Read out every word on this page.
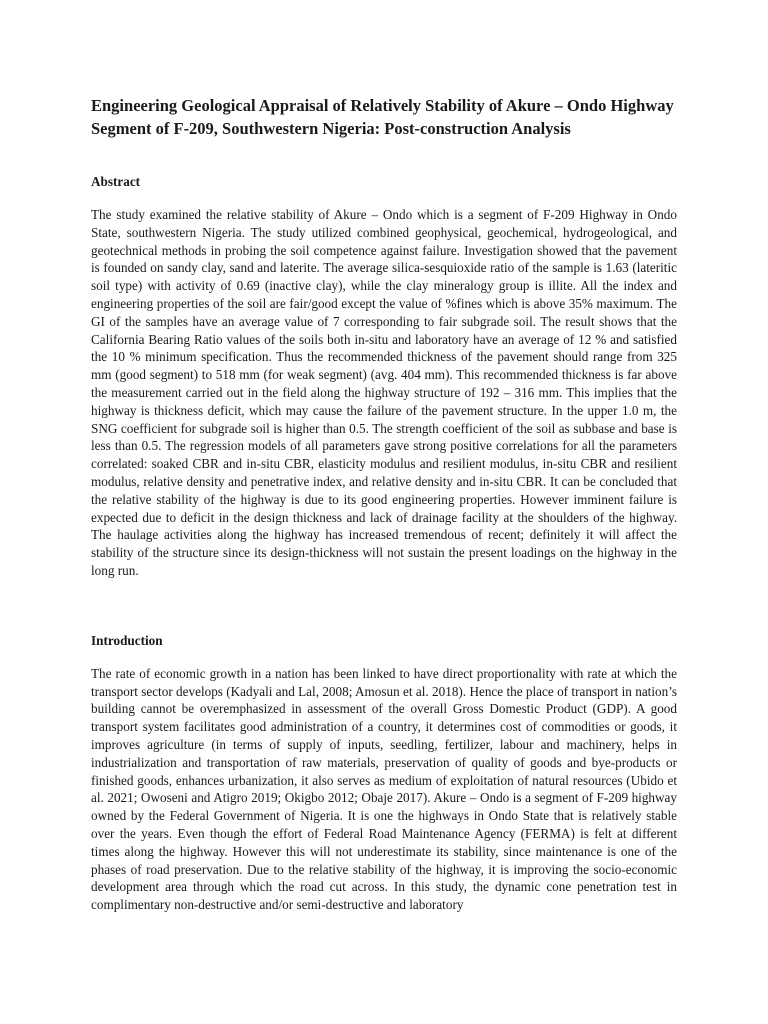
Engineering Geological Appraisal of Relatively Stability of Akure – Ondo Highway Segment of F-209, Southwestern Nigeria: Post-construction Analysis
Abstract

The study examined the relative stability of Akure – Ondo which is a segment of F-209 Highway in Ondo State, southwestern Nigeria. The study utilized combined geophysical, geochemical, hydrogeological, and geotechnical methods in probing the soil competence against failure. Investigation showed that the pavement is founded on sandy clay, sand and laterite. The average silica-sesquioxide ratio of the sample is 1.63 (lateritic soil type) with activity of 0.69 (inactive clay), while the clay mineralogy group is illite. All the index and engineering properties of the soil are fair/good except the value of %fines which is above 35% maximum. The GI of the samples have an average value of 7 corresponding to fair subgrade soil. The result shows that the California Bearing Ratio values of the soils both in-situ and laboratory have an average of 12 % and satisfied the 10 % minimum specification. Thus the recommended thickness of the pavement should range from 325 mm (good segment) to 518 mm (for weak segment) (avg. 404 mm). This recommended thickness is far above the measurement carried out in the field along the highway structure of 192 – 316 mm. This implies that the highway is thickness deficit, which may cause the failure of the pavement structure. In the upper 1.0 m, the SNG coefficient for subgrade soil is higher than 0.5. The strength coefficient of the soil as subbase and base is less than 0.5. The regression models of all parameters gave strong positive correlations for all the parameters correlated: soaked CBR and in-situ CBR, elasticity modulus and resilient modulus, in-situ CBR and resilient modulus, relative density and penetrative index, and relative density and in-situ CBR. It can be concluded that the relative stability of the highway is due to its good engineering properties. However imminent failure is expected due to deficit in the design thickness and lack of drainage facility at the shoulders of the highway. The haulage activities along the highway has increased tremendous of recent; definitely it will affect the stability of the structure since its design-thickness will not sustain the present loadings on the highway in the long run.

Introduction

The rate of economic growth in a nation has been linked to have direct proportionality with rate at which the transport sector develops (Kadyali and Lal, 2008; Amosun et al. 2018). Hence the place of transport in nation’s building cannot be overemphasized in assessment of the overall Gross Domestic Product (GDP). A good transport system facilitates good administration of a country, it determines cost of commodities or goods, it improves agriculture (in terms of supply of inputs, seedling, fertilizer, labour and machinery, helps in industrialization and transportation of raw materials, preservation of quality of goods and bye-products or finished goods, enhances urbanization, it also serves as medium of exploitation of natural resources (Ubido et al. 2021; Owoseni and Atigro 2019; Okigbo 2012; Obaje 2017). Akure – Ondo is a segment of F-209 highway owned by the Federal Government of Nigeria. It is one the highways in Ondo State that is relatively stable over the years. Even though the effort of Federal Road Maintenance Agency (FERMA) is felt at different times along the highway. However this will not underestimate its stability, since maintenance is one of the phases of road preservation. Due to the relative stability of the highway, it is improving the socio-economic development area through which the road cut across. In this study, the dynamic cone penetration test in complimentary non-destructive and/or semi-destructive and laboratory
